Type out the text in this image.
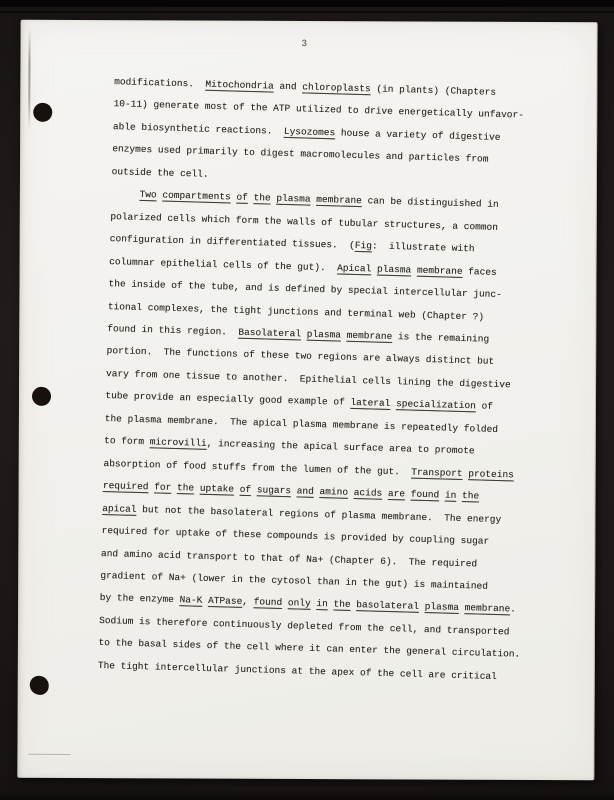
3
modifications.  Mitochondria and chloroplasts (in plants) (Chapters
10-11) generate most of the ATP utilized to drive energetically unfavor-
able biosynthetic reactions.  Lysozomes house a variety of digestive
enzymes used primarily to digest macromolecules and particles from
outside the cell.
Two compartments of the plasma membrane can be distinguished in
polarized cells which form the walls of tubular structures, a common
configuration in differentiated tissues.  (Fig:  illustrate with
columnar epithelial cells of the gut).  Apical plasma membrane faces
the inside of the tube, and is defined by special intercellular junc-
tional complexes, the tight junctions and terminal web (Chapter ?)
found in this region.  Basolateral plasma membrane is the remaining
portion.  The functions of these two regions are always distinct but
vary from one tissue to another.  Epithelial cells lining the digestive
tube provide an especially good example of lateral specialization of
the plasma membrane.  The apical plasma membrane is repeatedly folded
to form microvilli, increasing the apical surface area to promote
absorption of food stuffs from the lumen of the gut.  Transport proteins
required for the uptake of sugars and amino acids are found in the
apical but not the basolateral regions of plasma membrane.  The energy
required for uptake of these compounds is provided by coupling sugar
and amino acid transport to that of Na+ (Chapter 6).  The required
gradient of Na+ (lower in the cytosol than in the gut) is maintained
by the enzyme Na-K ATPase, found only in the basolateral plasma membrane.
Sodium is therefore continuously depleted from the cell, and transported
to the basal sides of the cell where it can enter the general circulation.
The tight intercellular junctions at the apex of the cell are critical
